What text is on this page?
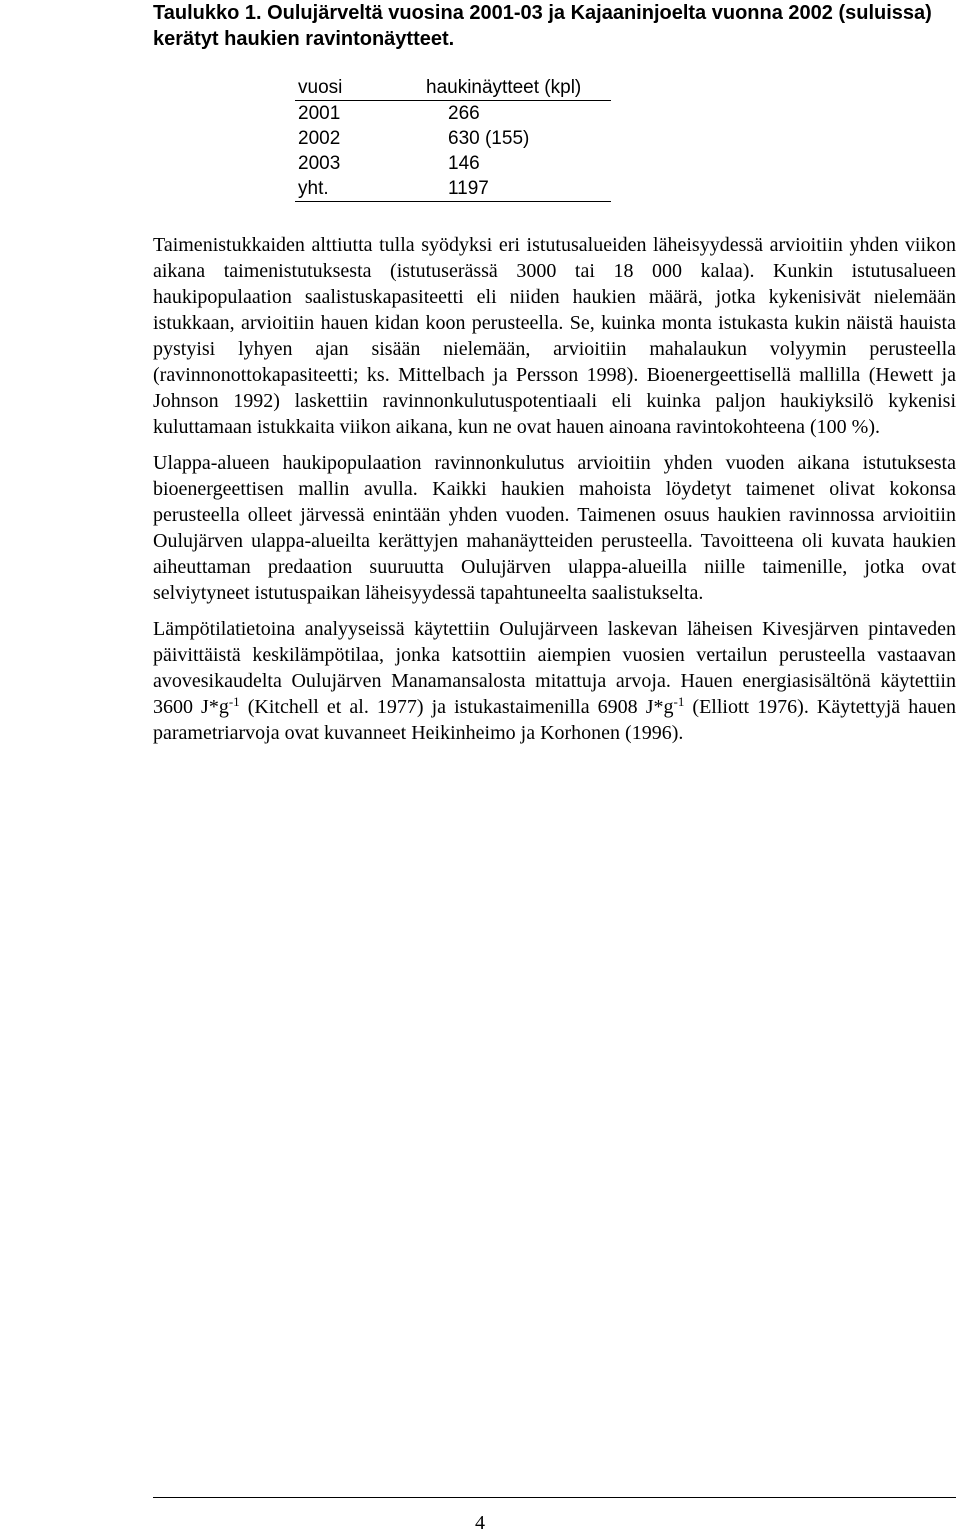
Taulukko 1. Oulujärveltä vuosina 2001-03 ja Kajaaninjoelta vuonna 2002 (suluissa) kerätyt haukien ravintonäytteet.

vuosi	haukinäytteet (kpl)
2001	266
2002	630 (155)
2003	146
yht.	1197

Taimenistukkaiden alttiutta tulla syödyksi eri istutusalueiden läheisyydessä arvioitiin yhden viikon aikana taimenistutuksesta (istutuserässä 3000 tai 18 000 kalaa). Kunkin istutusalueen haukipopulaation saalistuskapasiteetti eli niiden haukien määrä, jotka kykenisivät nielemään istukkaan, arvioitiin hauen kidan koon perusteella. Se, kuinka monta istukasta kukin näistä hauista pystyisi lyhyen ajan sisään nielemään, arvioitiin mahalaukun volyymin perusteella (ravinnonottokapasiteetti; ks. Mittelbach ja Persson 1998). Bioenergeettisellä mallilla (Hewett ja Johnson 1992) laskettiin ravinnonkulutuspotentiaali eli kuinka paljon haukiyksilö kykenisi kuluttamaan istukkaita viikon aikana, kun ne ovat hauen ainoana ravintokohteena (100 %).

Ulappa-alueen haukipopulaation ravinnonkulutus arvioitiin yhden vuoden aikana istutuksesta bioenergeettisen mallin avulla. Kaikki haukien mahoista löydetyt taimenet olivat kokonsa perusteella olleet järvessä enintään yhden vuoden. Taimenen osuus haukien ravinnossa arvioitiin Oulujärven ulappa-alueilta kerättyjen mahanäytteiden perusteella. Tavoitteena oli kuvata haukien aiheuttaman predaation suuruutta Oulujärven ulappa-alueilla niille taimenille, jotka ovat selviytyneet istutuspaikan läheisyydessä tapahtuneelta saalistukselta.

Lämpötilatietoina analyyseissä käytettiin Oulujärveen laskevan läheisen Kivesjärven pintaveden päivittäistä keskilämpötilaa, jonka katsottiin aiempien vuosien vertailun perusteella vastaavan avovesikaudelta Oulujärven Manamansalosta mitattuja arvoja. Hauen energiasisältönä käytettiin 3600 $J*g^{-1}$ (Kitchell et al. 1977) ja istukastaimenilla 6908 $J*g^{-1}$ (Elliott 1976). Käytettyjä hauen parametriarvoja ovat kuvanneet Heikinheimo ja Korhonen (1996).

4
